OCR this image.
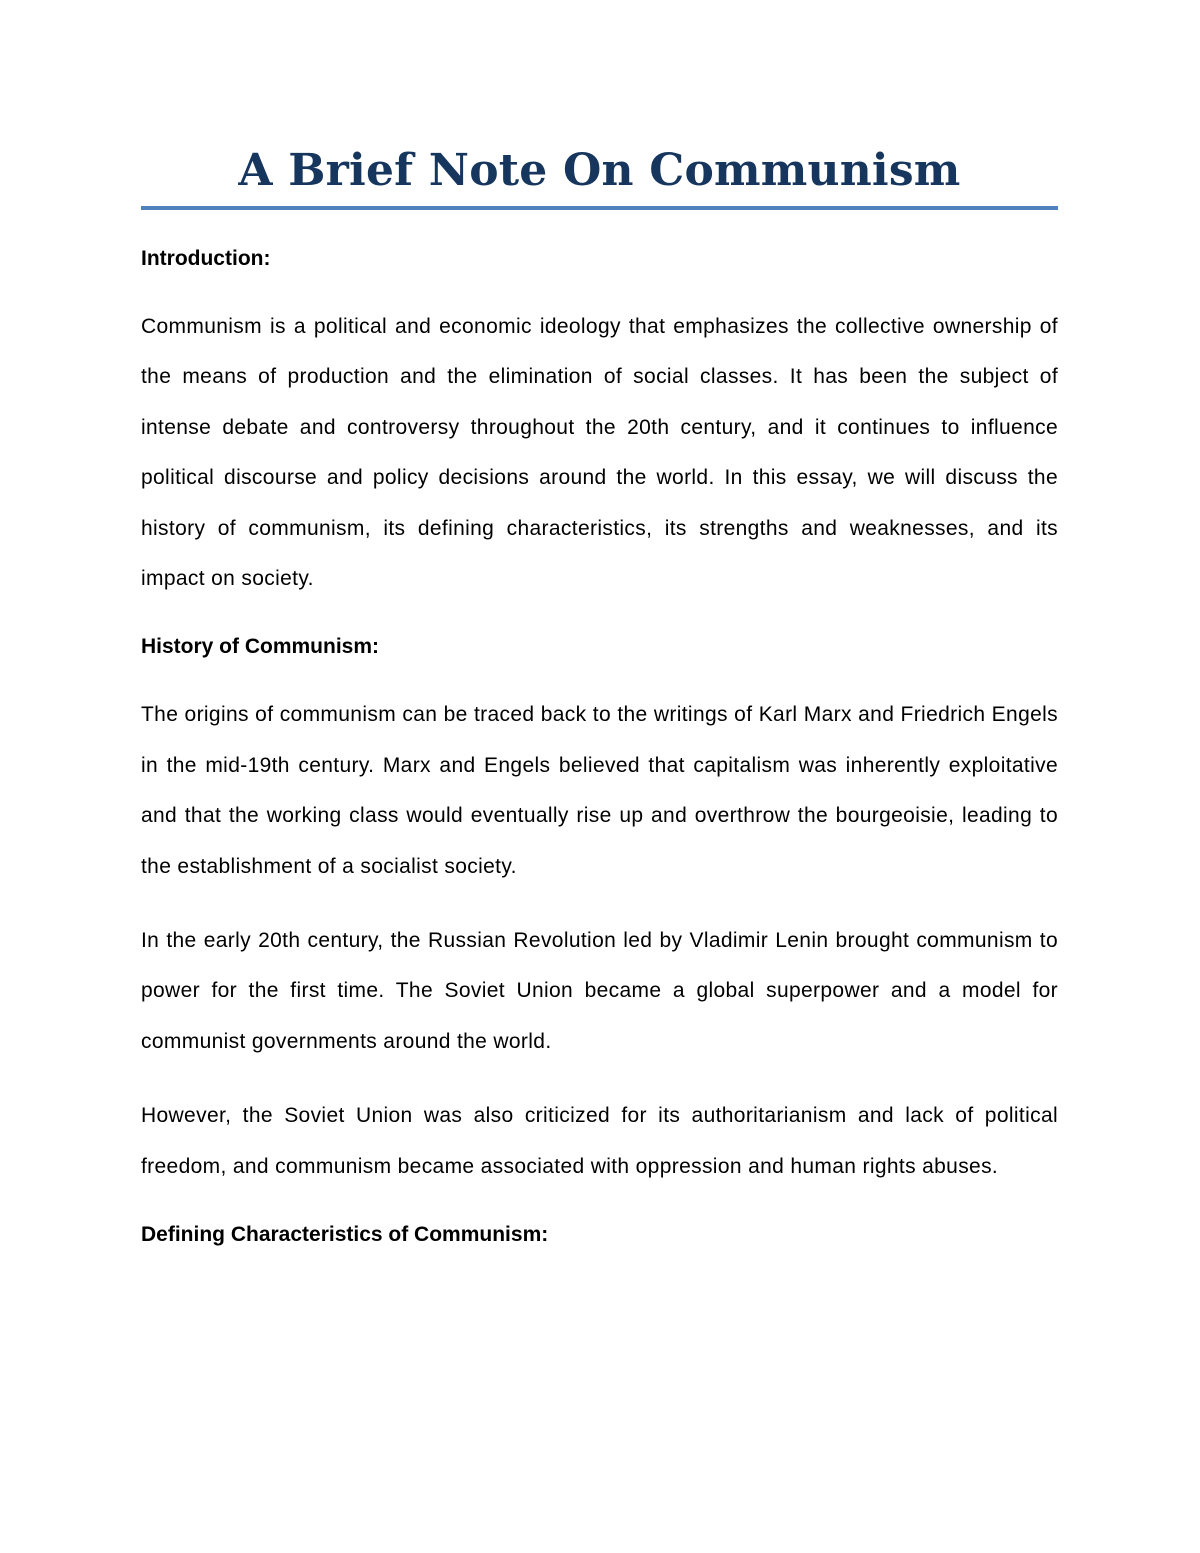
A Brief Note On Communism
Introduction:

Communism is a political and economic ideology that emphasizes the collective ownership of the means of production and the elimination of social classes. It has been the subject of intense debate and controversy throughout the 20th century, and it continues to influence political discourse and policy decisions around the world. In this essay, we will discuss the history of communism, its defining characteristics, its strengths and weaknesses, and its impact on society.

History of Communism:

The origins of communism can be traced back to the writings of Karl Marx and Friedrich Engels in the mid-19th century. Marx and Engels believed that capitalism was inherently exploitative and that the working class would eventually rise up and overthrow the bourgeoisie, leading to the establishment of a socialist society.

In the early 20th century, the Russian Revolution led by Vladimir Lenin brought communism to power for the first time. The Soviet Union became a global superpower and a model for communist governments around the world.

However, the Soviet Union was also criticized for its authoritarianism and lack of political freedom, and communism became associated with oppression and human rights abuses.

Defining Characteristics of Communism:
